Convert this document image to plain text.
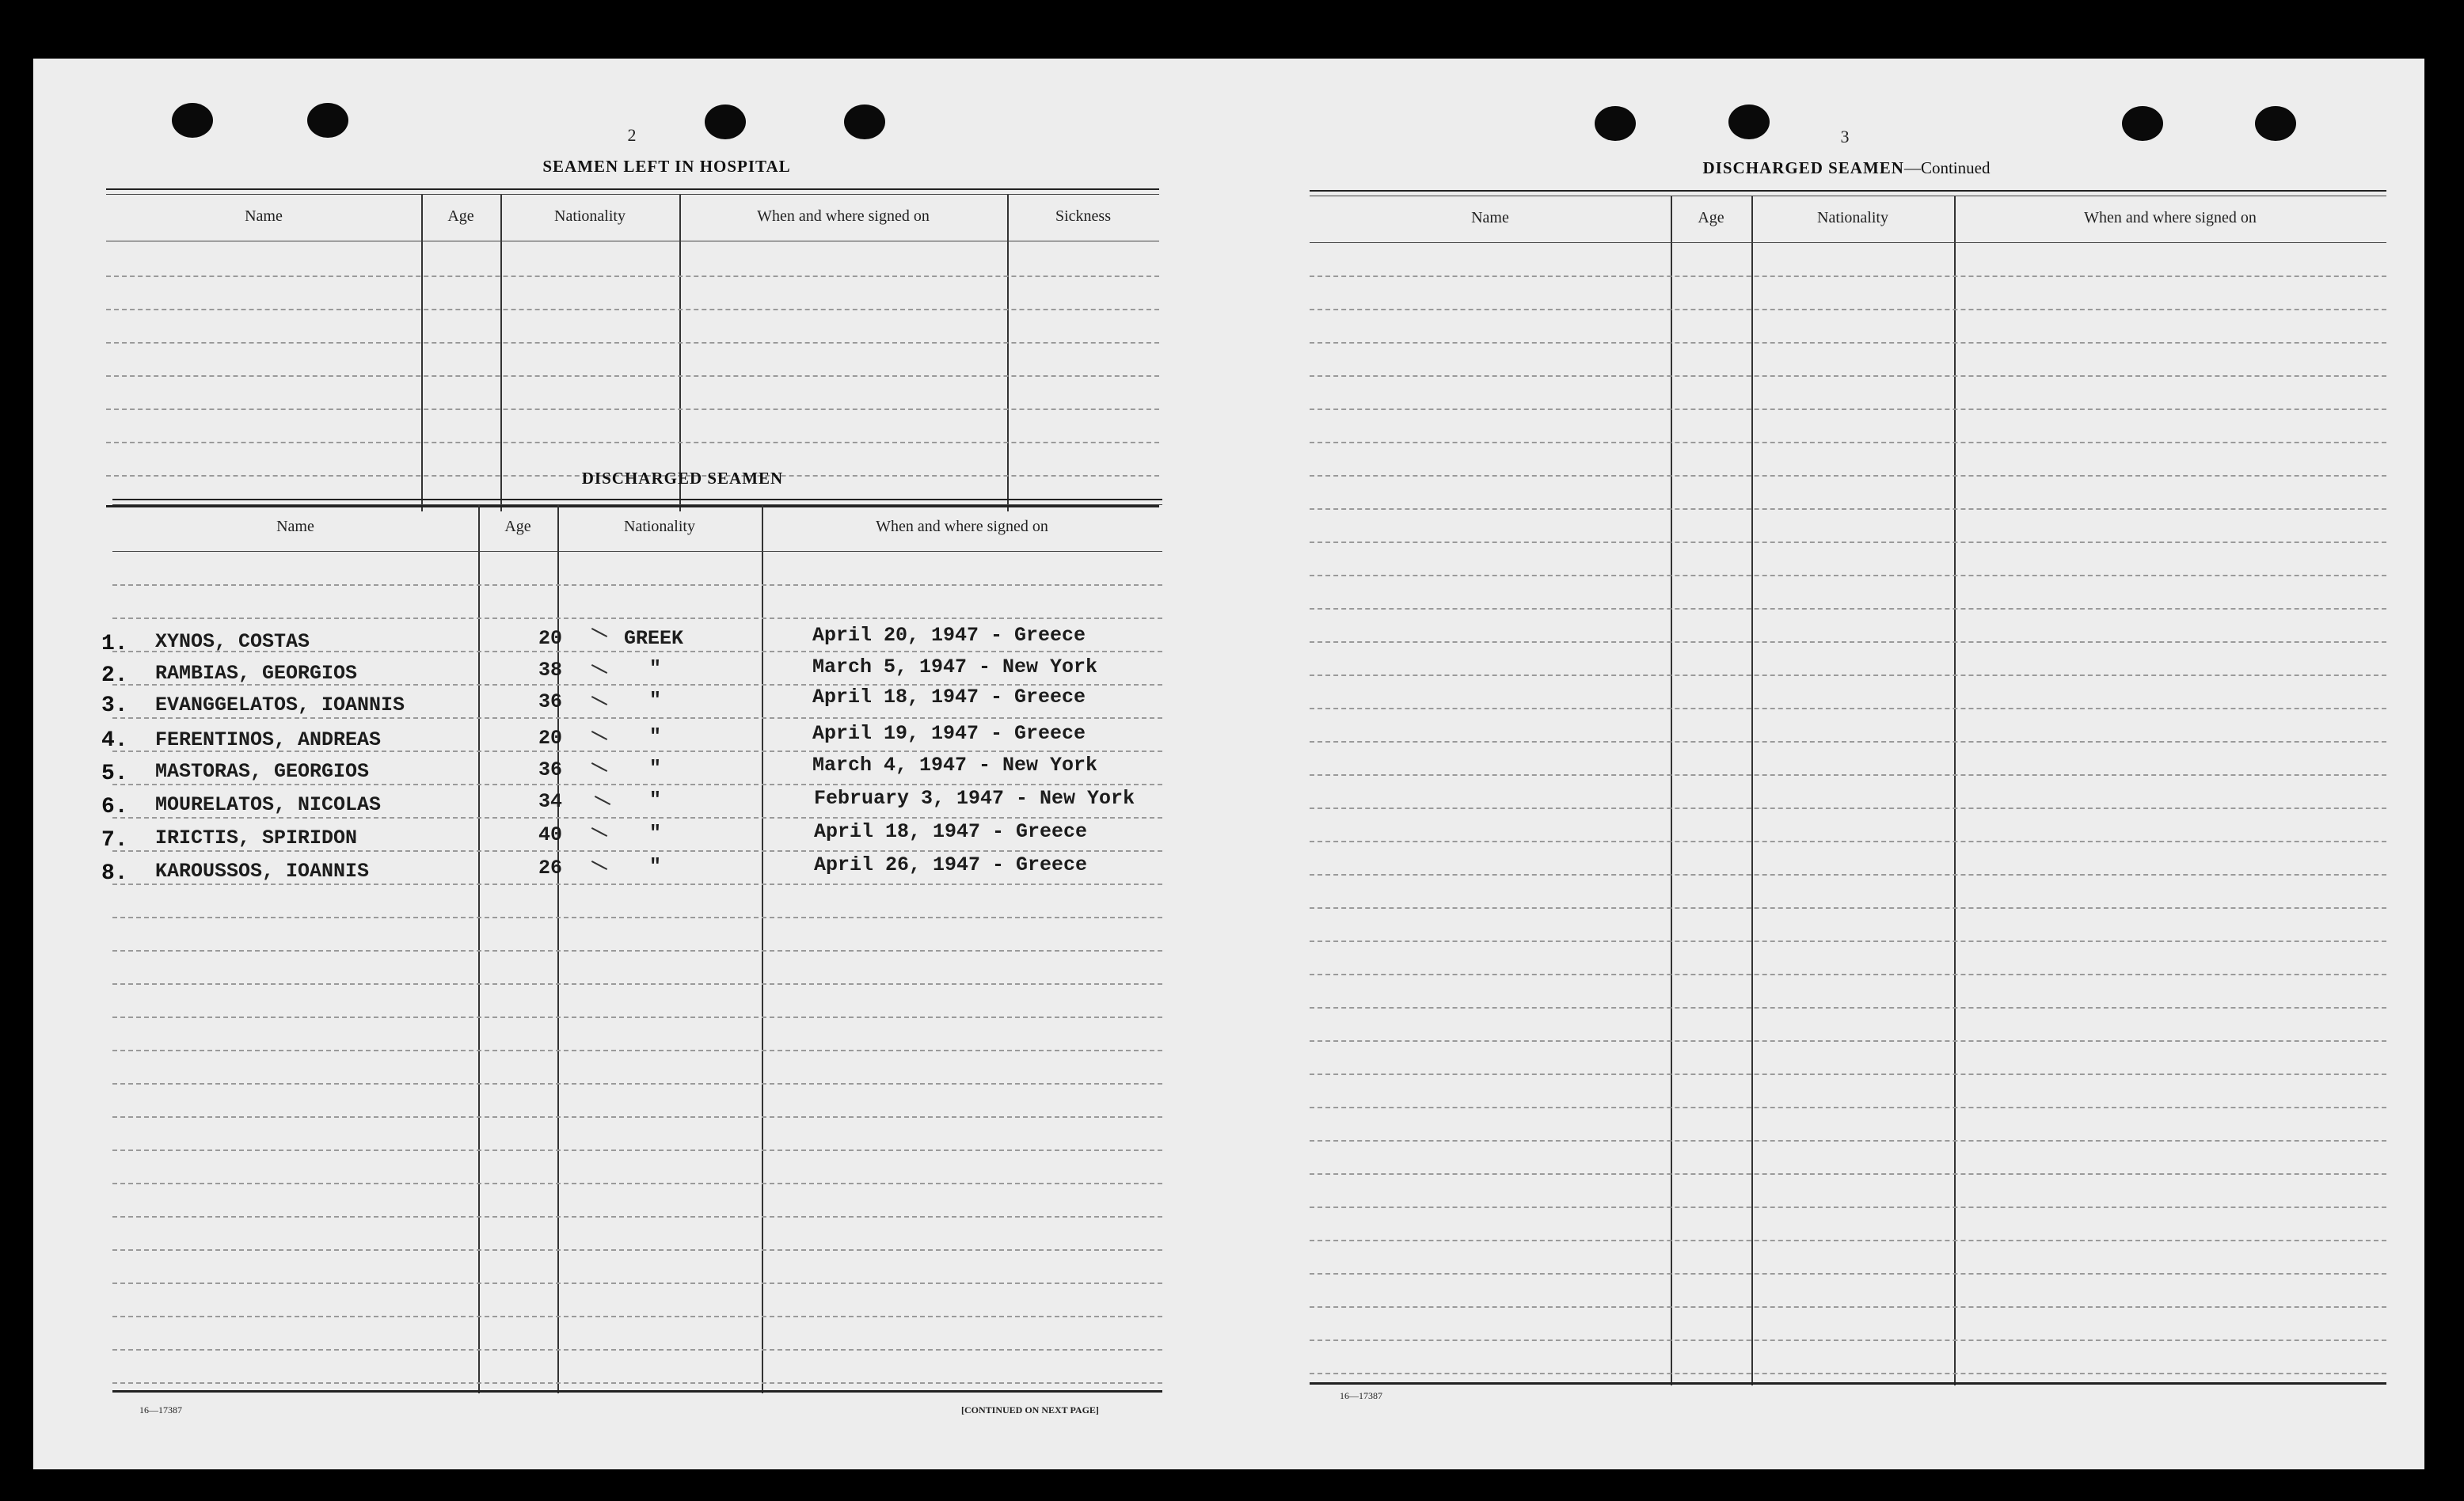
2
SEAMEN LEFT IN HOSPITAL
Name	Age	Nationality	When and where signed on	Sickness
DISCHARGED SEAMEN
Name	Age	Nationality	When and where signed on
1. XYNOS, COSTAS	20	GREEK	April 20, 1947 - Greece
2. RAMBIAS, GEORGIOS	38	"	March 5, 1947 - New York
3. EVANGGELATOS, IOANNIS	36	"	April 18, 1947 - Greece
4. FERENTINOS, ANDREAS	20	"	April 19, 1947 - Greece
5. MASTORAS, GEORGIOS	36	"	March 4, 1947 - New York
6. MOURELATOS, NICOLAS	34	"	February 3, 1947 - New York
7. IRICTIS, SPIRIDON	40	"	April 18, 1947 - Greece
8. KAROUSSOS, IOANNIS	26	"	April 26, 1947 - Greece
16—17387	[CONTINUED ON NEXT PAGE]
3
DISCHARGED SEAMEN—Continued
Name	Age	Nationality	When and where signed on
16—17387
